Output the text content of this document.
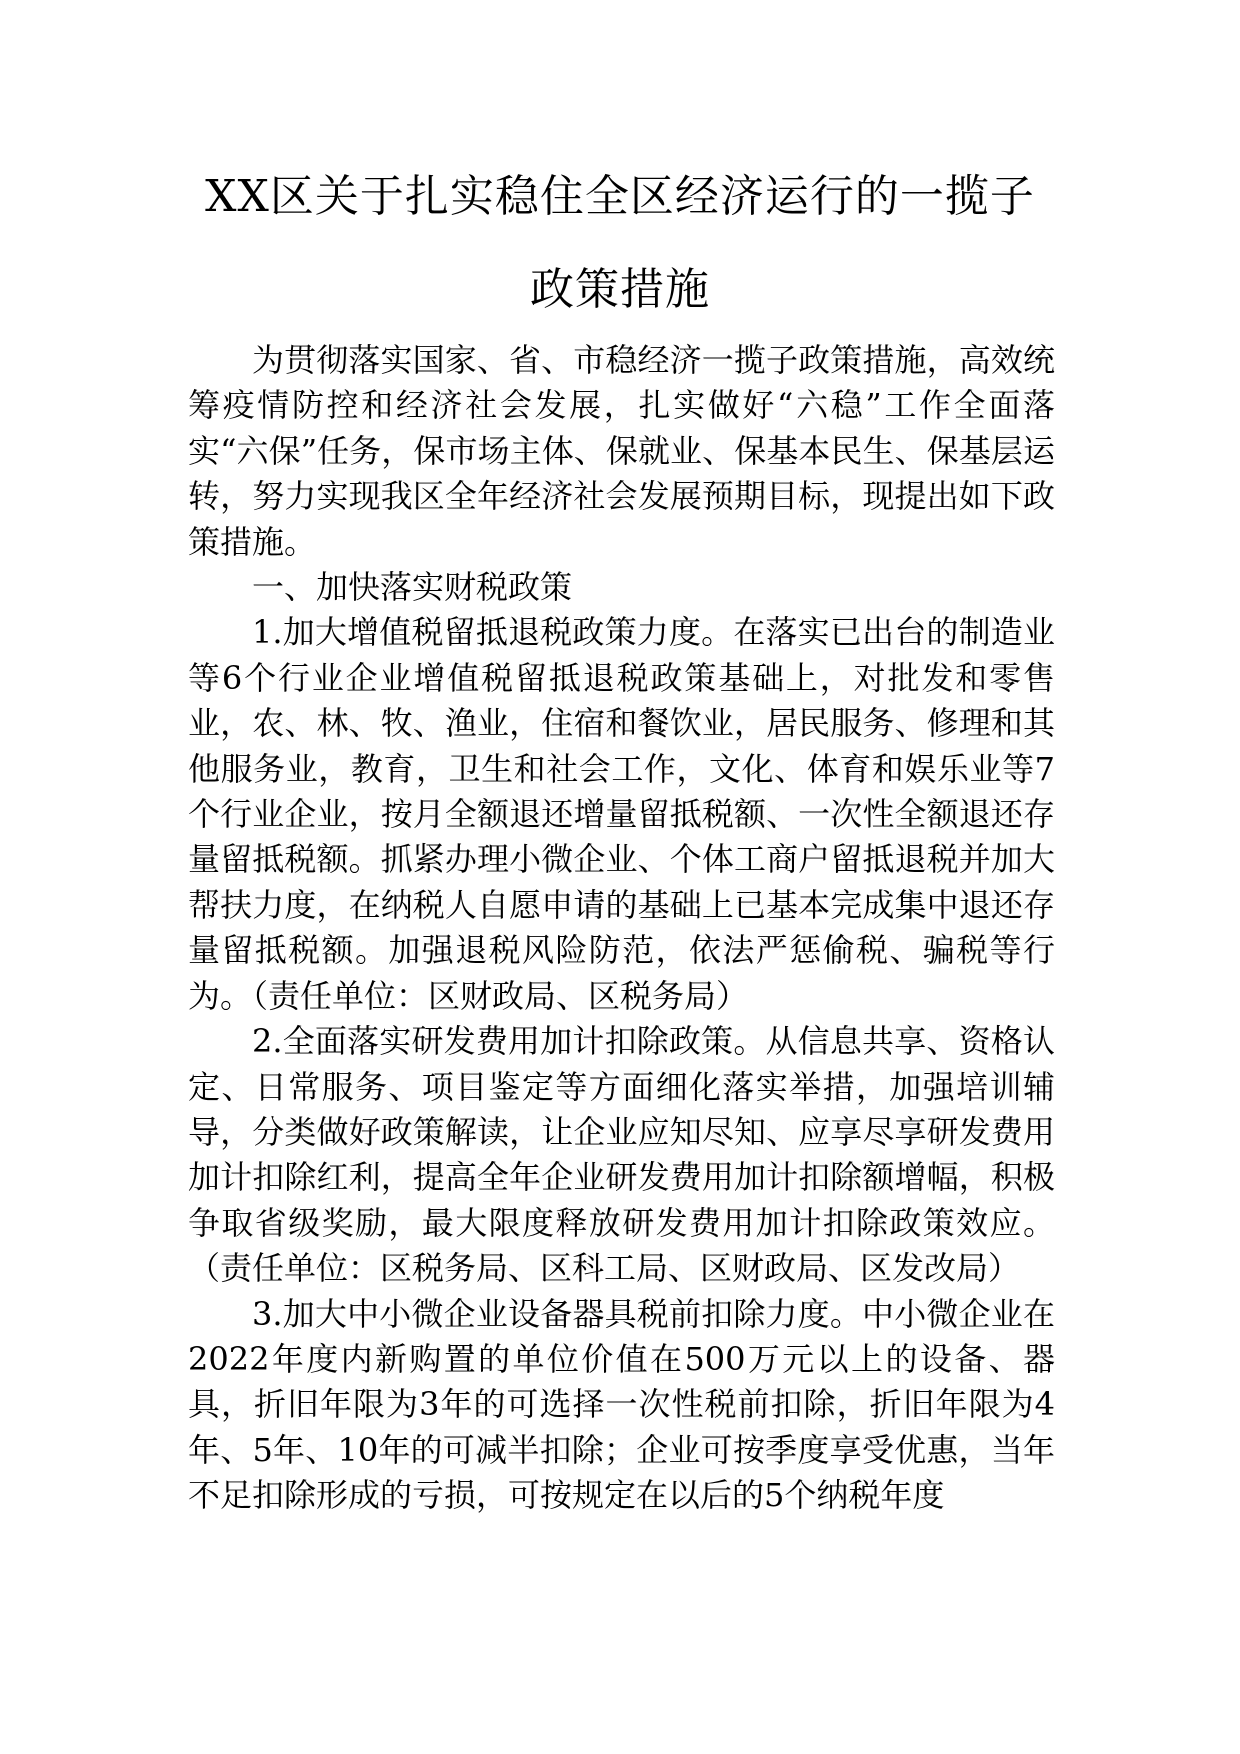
XX区关于扎实稳住全区经济运行的一揽子
政策措施

为贯彻落实国家、省、市稳经济一揽子政策措施，高效统筹疫情防控和经济社会发展，扎实做好“六稳”工作全面落实“六保”任务，保市场主体、保就业、保基本民生、保基层运转，努力实现我区全年经济社会发展预期目标，现提出如下政策措施。

一、加快落实财税政策

1.加大增值税留抵退税政策力度。在落实已出台的制造业等6个行业企业增值税留抵退税政策基础上，对批发和零售业，农、林、牧、渔业，住宿和餐饮业，居民服务、修理和其他服务业，教育，卫生和社会工作，文化、体育和娱乐业等7个行业企业，按月全额退还增量留抵税额、一次性全额退还存量留抵税额。抓紧办理小微企业、个体工商户留抵退税并加大帮扶力度，在纳税人自愿申请的基础上已基本完成集中退还存量留抵税额。加强退税风险防范，依法严惩偷税、骗税等行为。（责任单位：区财政局、区税务局）

2.全面落实研发费用加计扣除政策。从信息共享、资格认定、日常服务、项目鉴定等方面细化落实举措，加强培训辅导，分类做好政策解读，让企业应知尽知、应享尽享研发费用加计扣除红利，提高全年企业研发费用加计扣除额增幅，积极争取省级奖励，最大限度释放研发费用加计扣除政策效应。（责任单位：区税务局、区科工局、区财政局、区发改局）

3.加大中小微企业设备器具税前扣除力度。中小微企业在2022年度内新购置的单位价值在500万元以上的设备、器具，折旧年限为3年的可选择一次性税前扣除，折旧年限为4年、5年、10年的可减半扣除；企业可按季度享受优惠，当年不足扣除形成的亏损，可按规定在以后的5个纳税年度
